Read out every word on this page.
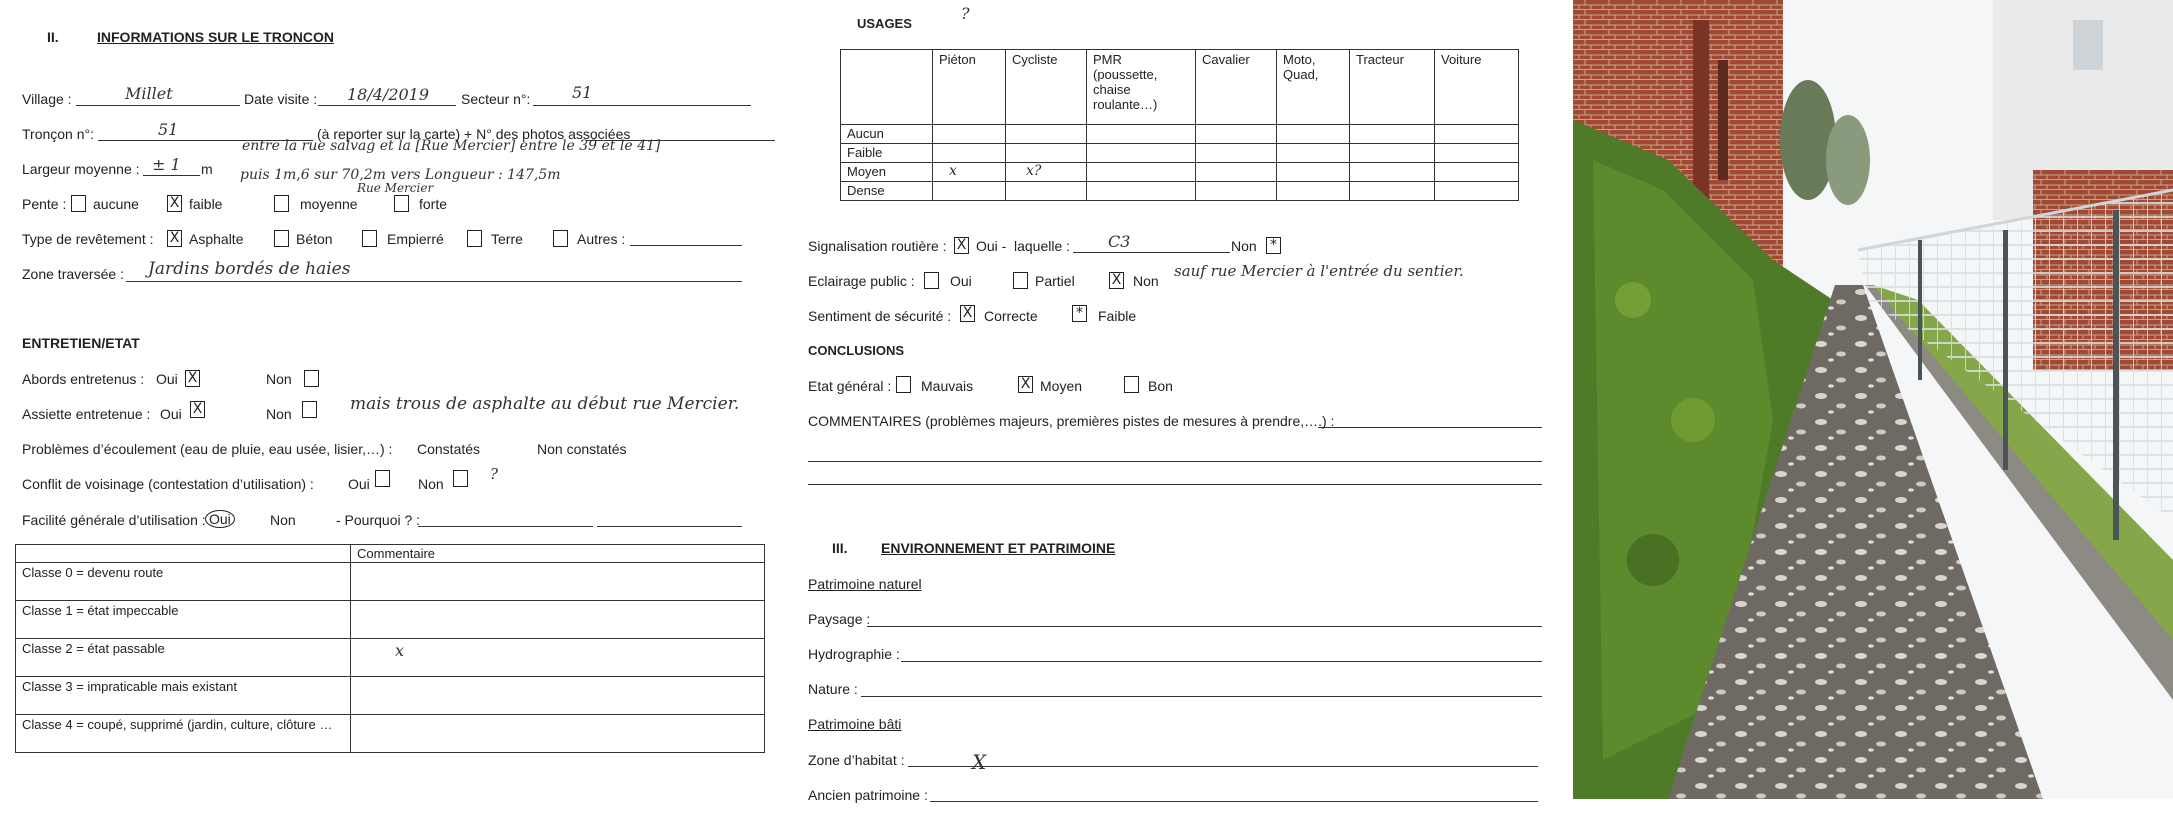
II.	INFORMATIONS SUR LE TRONCON
Village :	Millet	Date visite : 18/4/2019 Secteur n°:	51
Tronçon n°:	51	(à reporter sur la carte) + N° des photos associées
entre la rue salvag et la [Rue Mercier] entre le 39 et le 41]
Largeur moyenne : ± 1 m puis 1m,6 sur 70,2m vers Longueur : 147,5m
Rue Mercier
Pente : aucune X faible	moyenne	forte
Type de revêtement : X Asphalte	Béton	Empierré	Terre	Autres :
Zone traversée : Jardins bordés de haies
ENTRETIEN/ETAT
Abords entretenus : Oui X	Non
Assiette entretenue : Oui X	Non	mais trous de asphalte au début rue Mercier.
Problèmes d’écoulement (eau de pluie, eau usée, lisier,…) : Constatés	Non constatés
Conflit de voisinage (contestation d’utilisation) : Oui	Non
?
Facilité générale d’utilisation : Oui	Non	- Pourquoi ? :
	Commentaire
Classe 0 = devenu route	
Classe 1 = état impeccable	
Classe 2 = état passable	x
Classe 3 = impraticable mais existant	
Classe 4 = coupé, supprimé (jardin, culture, clôture …	
USAGES
?
	Piéton	Cycliste	PMR (poussette, chaise roulante…)	Cavalier	Moto, Quad,	Tracteur	Voiture
Aucun							
Faible							
Moyen	x	x?					
Dense							
Signalisation routière : X Oui - laquelle : C3	Non *
Eclairage public :	Oui	Partiel	X Non
sauf rue Mercier à l'entrée du sentier.
Sentiment de sécurité : X Correcte	* Faible
CONCLUSIONS
Etat général : Mauvais	X Moyen	Bon
COMMENTAIRES (problèmes majeurs, premières pistes de mesures à prendre,….) :
III. ENVIRONNEMENT ET PATRIMOINE
Patrimoine naturel
Paysage :
Hydrographie :
Nature :
Patrimoine bâti
Zone d’habitat :	X
Ancien patrimoine :
